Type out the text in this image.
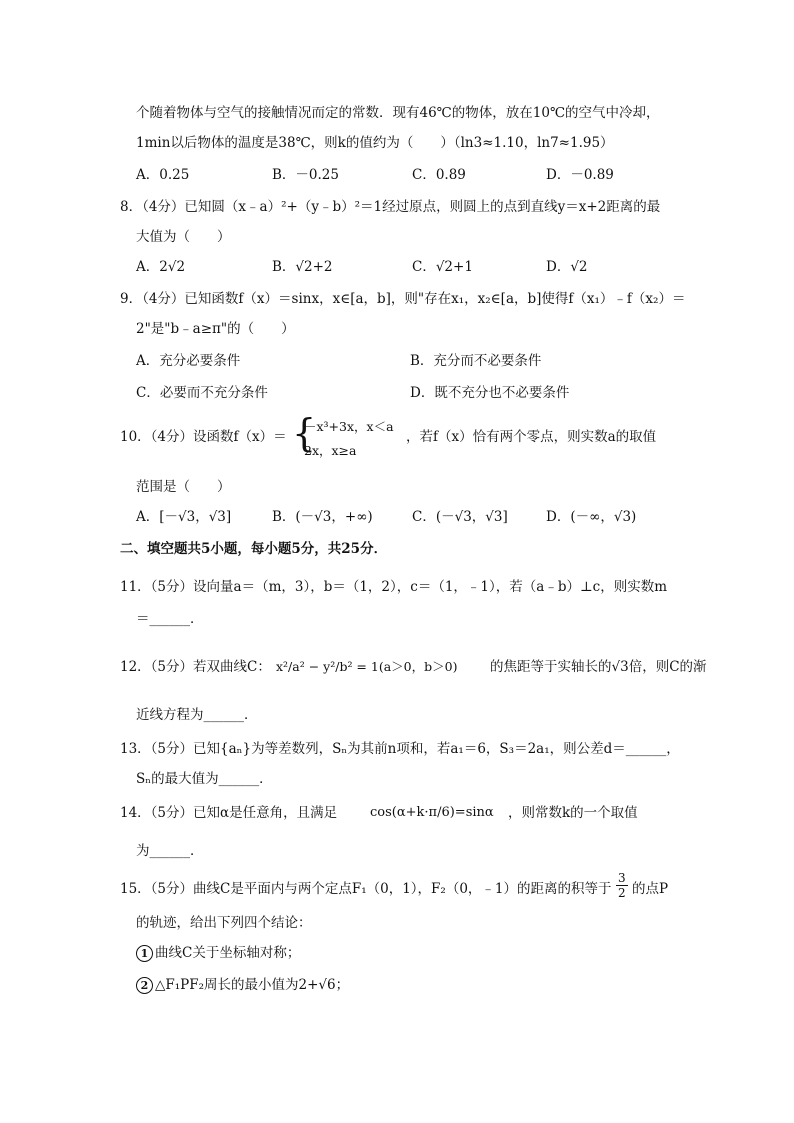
个随着物体与空气的接触情况而定的常数．现有46℃的物体，放在10℃的空气中冷却，
1min以后物体的温度是38℃，则k的值约为（　　）（ln3≈1.10，ln7≈1.95）
A．0.25	B．－0.25	C．0.89	D．－0.89
8．（4分）已知圆（x﹣a）²+（y﹣b）²＝1经过原点，则圆上的点到直线y＝x+2距离的最
大值为（　　）
A．2√2	B．√2+2	C．√2+1	D．√2
9．（4分）已知函数f（x）＝sinx，x∈[a，b]，则"存在x₁，x₂∈[a，b]使得f（x₁）﹣f（x₂）＝
2"是"b﹣a≥π"的（　　）
A．充分必要条件	B．充分而不必要条件
C．必要而不充分条件	D．既不充分也不必要条件
10．（4分）设函数f（x）＝ {
－x³+3x，x＜a
2x，x≥a
，若f（x）恰有两个零点，则实数a的取值
范围是（　　）
A．[－√3，√3]	B．(－√3，+∞)	C．(－√3，√3]	D．(－∞，√3)
二、填空题共5小题，每小题5分，共25分．
11．（5分）设向量a＝（m，3），b＝（1，2），c＝（1，﹣1），若（a﹣b）⊥c，则实数m
＝______．
12．（5分）若双曲线C： x²/a² − y²/b² = 1(a＞0，b＞0) 的焦距等于实轴长的√3倍，则C的渐
近线方程为______．
13．（5分）已知{aₙ}为等差数列，Sₙ为其前n项和，若a₁＝6，S₃＝2a₁，则公差d＝______，
Sₙ的最大值为______．
14．（5分）已知α是任意角，且满足	cos(α+k·π/6)=sinα ，则常数k的一个取值
为______．
15．（5分）曲线C是平面内与两个定点F₁（0，1），F₂（0，﹣1）的距离的积等于 $\frac{3}{2}$ 的点P
的轨迹，给出下列四个结论：
1 曲线C关于坐标轴对称；
2 △F₁PF₂周长的最小值为2+√6；
